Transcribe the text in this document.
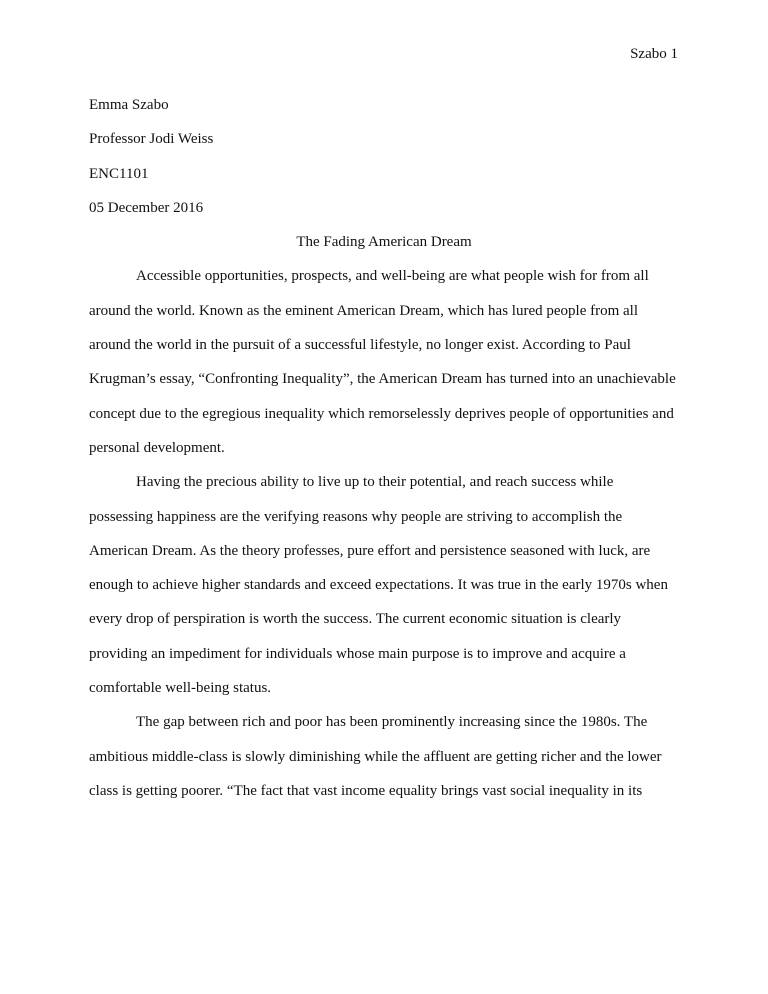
Szabo 1

Emma Szabo

Professor Jodi Weiss

ENC1101

05 December 2016

The Fading American Dream

Accessible opportunities, prospects, and well-being are what people wish for from all around the world. Known as the eminent American Dream, which has lured people from all around the world in the pursuit of a successful lifestyle, no longer exist. According to Paul Krugman’s essay, “Confronting Inequality”, the American Dream has turned into an unachievable concept due to the egregious inequality which remorselessly deprives people of opportunities and personal development.

Having the precious ability to live up to their potential, and reach success while possessing happiness are the verifying reasons why people are striving to accomplish the American Dream. As the theory professes, pure effort and persistence seasoned with luck, are enough to achieve higher standards and exceed expectations. It was true in the early 1970s when every drop of perspiration is worth the success. The current economic situation is clearly providing an impediment for individuals whose main purpose is to improve and acquire a comfortable well-being status.

The gap between rich and poor has been prominently increasing since the 1980s. The ambitious middle-class is slowly diminishing while the affluent are getting richer and the lower class is getting poorer. “The fact that vast income equality brings vast social inequality in its
